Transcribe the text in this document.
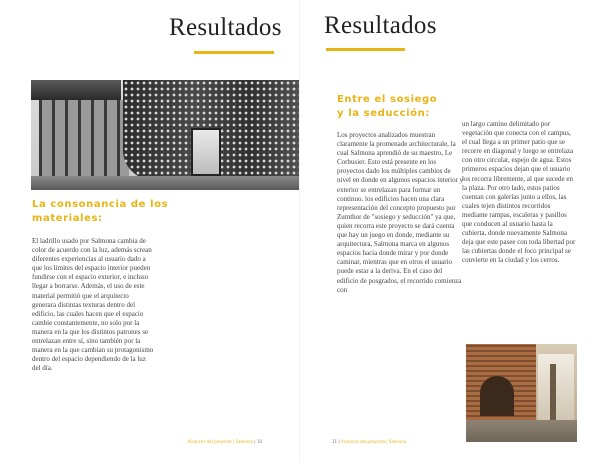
Resultados
La consonancia de los materiales:

El ladrillo usado por Salmona cambia de color de acuerdo con la luz, además screan diferentes experiencias al usuario dado a que los limites del espacio interior pueden fundirse con el espacio exterior, e incluso llegar a borrarse. Además, el uso de este material permitió que el arquitecto generara distintas texturas dentro del edificio, las cuales hacen que el espacio cambie constantemente, no solo por la manera en la que los distintos patrones se entrelazan entre sí, sino también por la manera en la que cambian su protagonismo dentro del espacio dependiendo de la luz del día.

Alcances del proyecto | Salmona | 10
Resultados
Entre el sosiego y la seducción:

Los proyectos analizados muestran claramente la promenade architecturale, la cual Salmona aprendió de su maestro, Le Corbusier. Esto está presente en los proyectos dado los múltiples cambios de nivel en donde en algunos espacios interior y exterior se entrelazan para formar un continuo. los edificios hacen una clara representación del concepto propuesto por Zumthor de "sosiego y seducción" ya que, quien recorra este proyecto se dará cuenta que hay un juego en donde, mediante su arquitectura, Salmona marca en algunos espacios hacia donde mirar y por donde caminar, mientras que en otros el usuario puede estar a la deriva. En el caso del edificio de posgrados, el recorrido comienza con

un largo camino delimitado por vegetación que conecta con el campus, el cual llega a un primer patio que se recorre en diagonal y luego se entrelaza con otro circular, espejo de agua. Estos primeros espacios dejan que el usuario los recorra libremente, al que sucede en la plaza. Por otro lado, estos patios cuentan con galerías junto a ellos, las cuales tejen distintos recorridos mediante rampas, escaleras y pasillos que conducen al usuario hasta la cubierta, donde nuevamente Salmona deja que este pasee con toda libertad por las cubiertas donde el foco principal se convierte en la ciudad y los cerros.

11 | Alcances del proyecto | Salmona
